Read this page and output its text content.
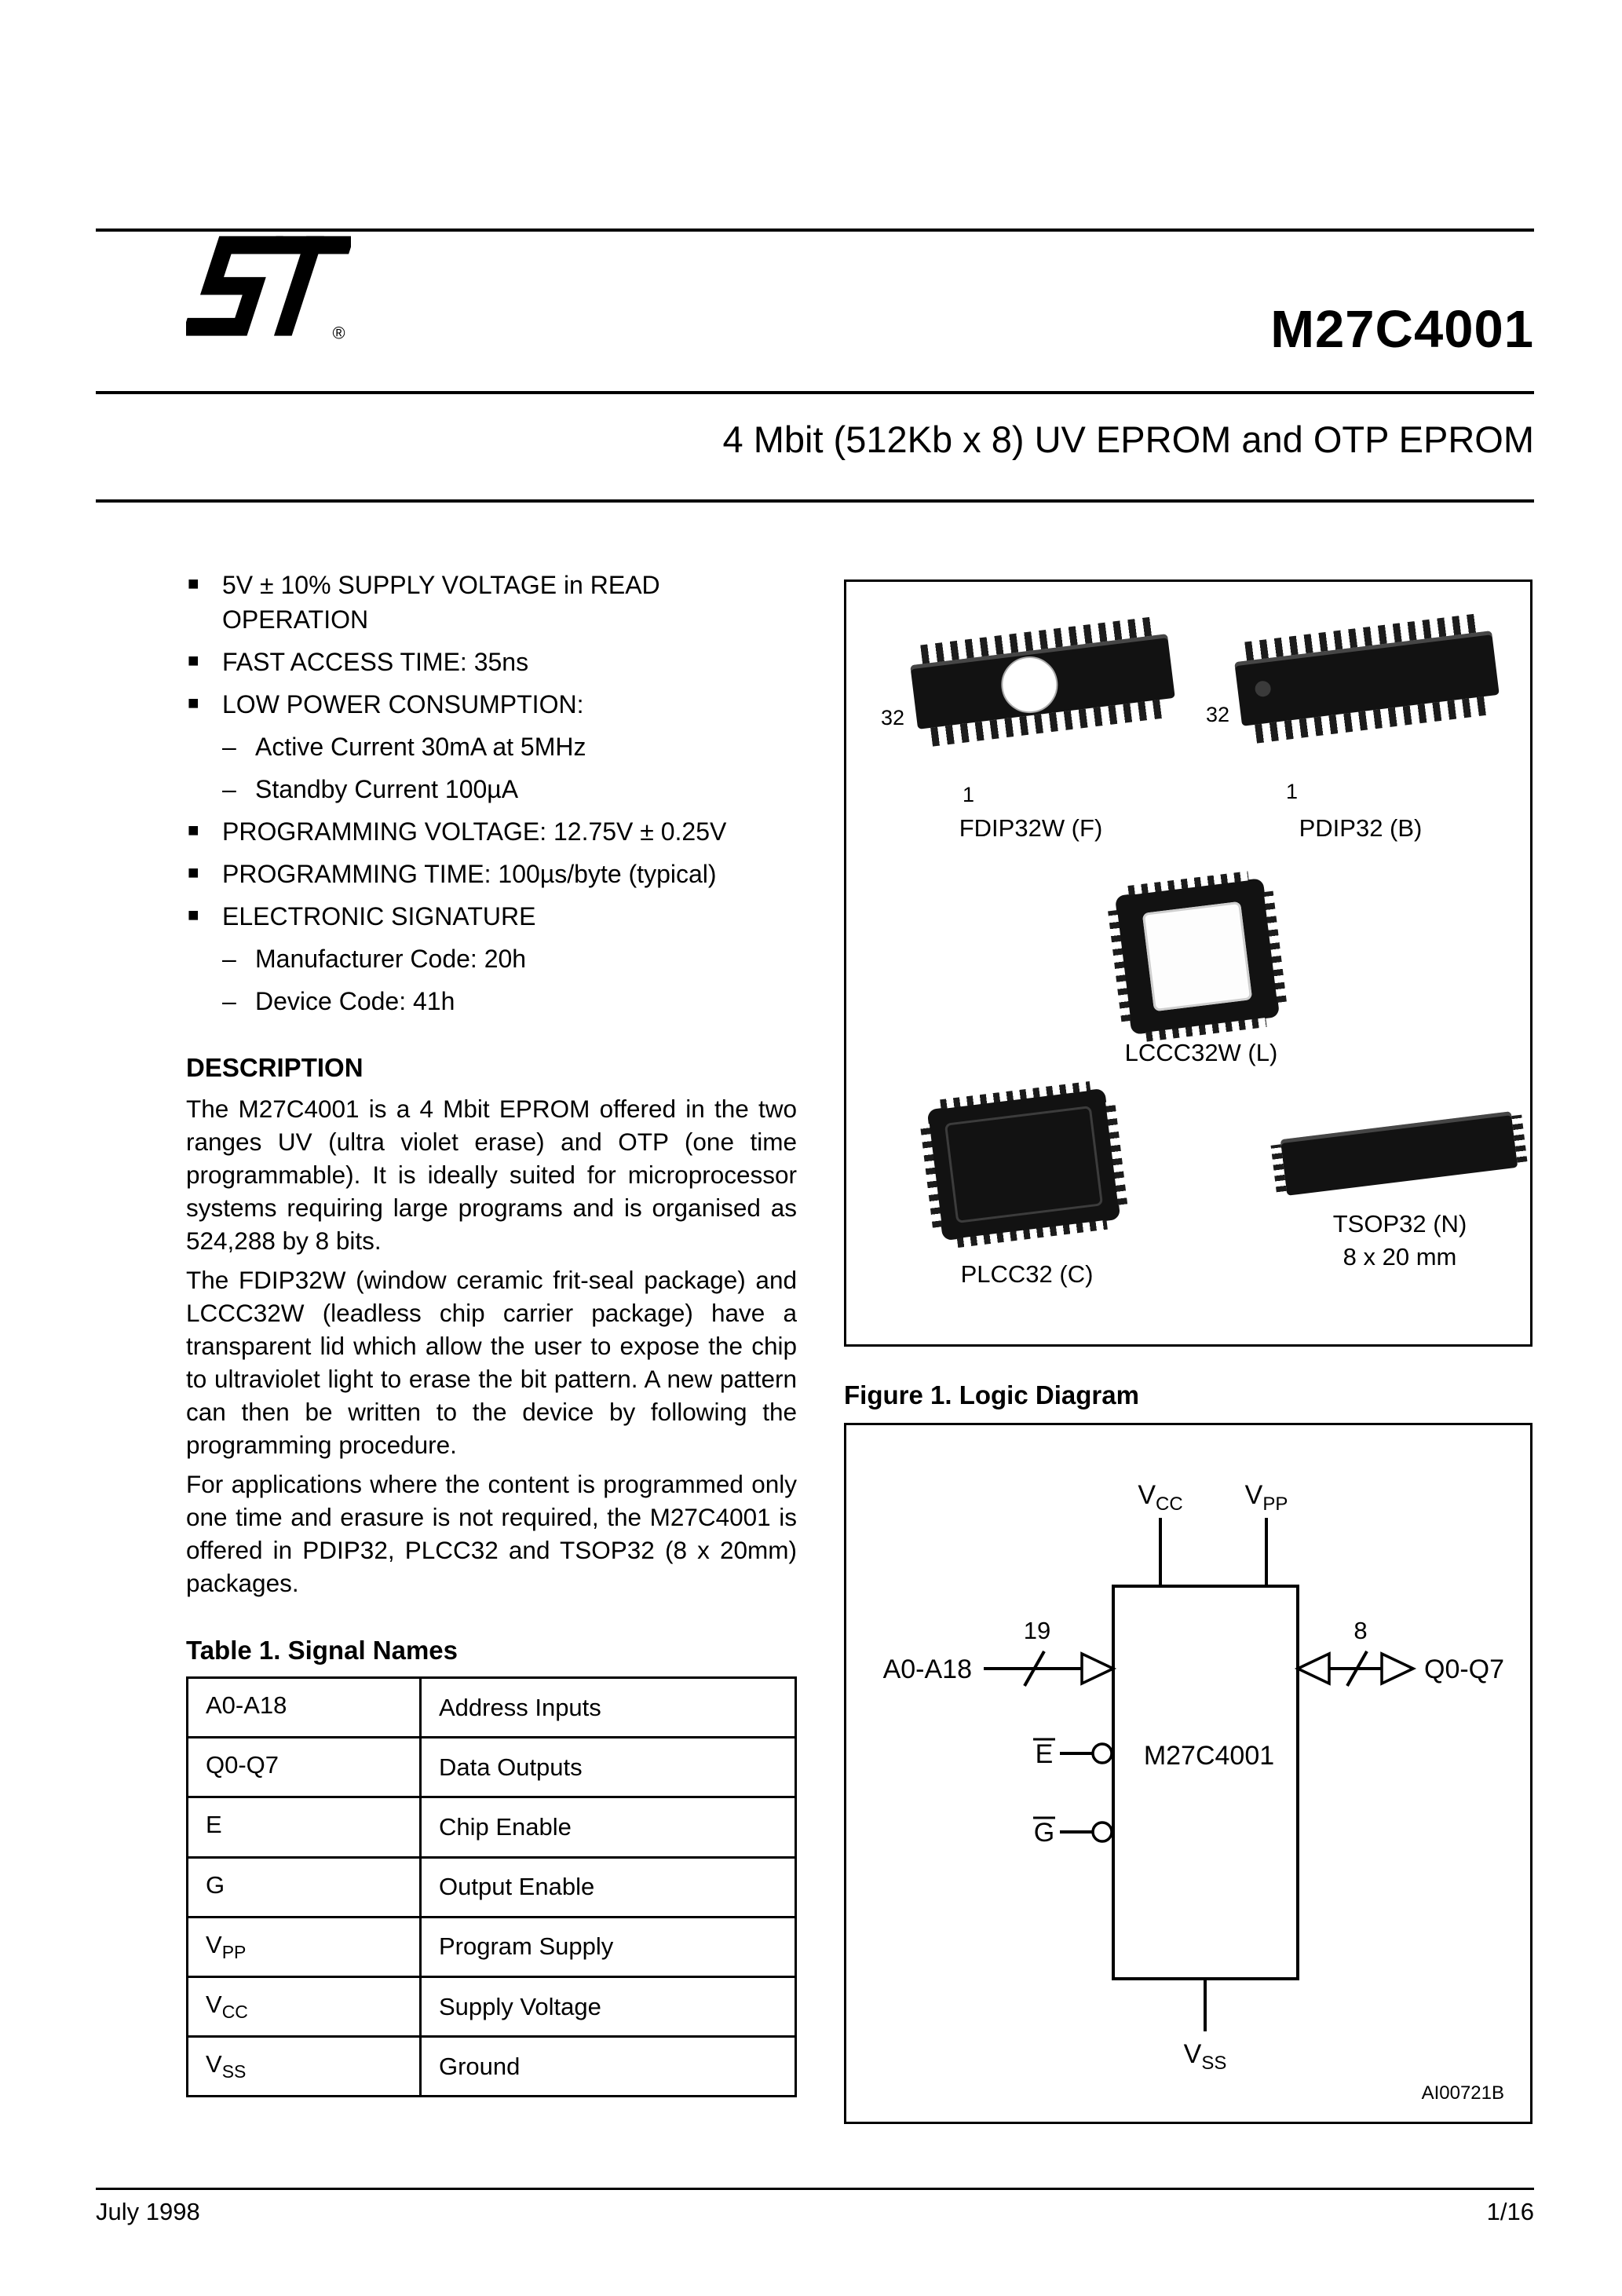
®	M27C4001
4 Mbit (512Kb x 8) UV EPROM and OTP EPROM
■ 5V ± 10% SUPPLY VOLTAGE in READ OPERATION
■ FAST ACCESS TIME: 35ns
■ LOW POWER CONSUMPTION:
– Active Current 30mA at 5MHz
– Standby Current 100µA
■ PROGRAMMING VOLTAGE: 12.75V ± 0.25V
■ PROGRAMMING TIME: 100µs/byte (typical)
■ ELECTRONIC SIGNATURE
– Manufacturer Code: 20h
– Device Code: 41h
DESCRIPTION

The M27C4001 is a 4 Mbit EPROM offered in the two ranges UV (ultra violet erase) and OTP (one time programmable). It is ideally suited for microprocessor systems requiring large programs and is organised as 524,288 by 8 bits.

The FDIP32W (window ceramic frit-seal package) and LCCC32W (leadless chip carrier package) have a transparent lid which allow the user to expose the chip to ultraviolet light to erase the bit pattern. A new pattern can then be written to the device by following the programming procedure.

For applications where the content is programmed only one time and erasure is not required, the M27C4001 is offered in PDIP32, PLCC32 and TSOP32 (8 x 20mm) packages.

Table 1. Signal Names
A0-A18	Address Inputs
Q0-Q7	Data Outputs
E	Chip Enable
G	Output Enable
$V_{PP}$	Program Supply
$V_{CC}$	Supply Voltage
$V_{SS}$	Ground
32
1
32
1
FDIP32W (F)	PDIP32 (B)
LCCC32W (L)
PLCC32 (C)
TSOP32 (N)
8 x 20 mm
Figure 1. Logic Diagram
M27C4001
$V_{CC}$ $V_{PP}$
A0-A18
19	8
Q0-Q7
E
G
$V_{SS}$
AI00721B
July 1998	1/16
